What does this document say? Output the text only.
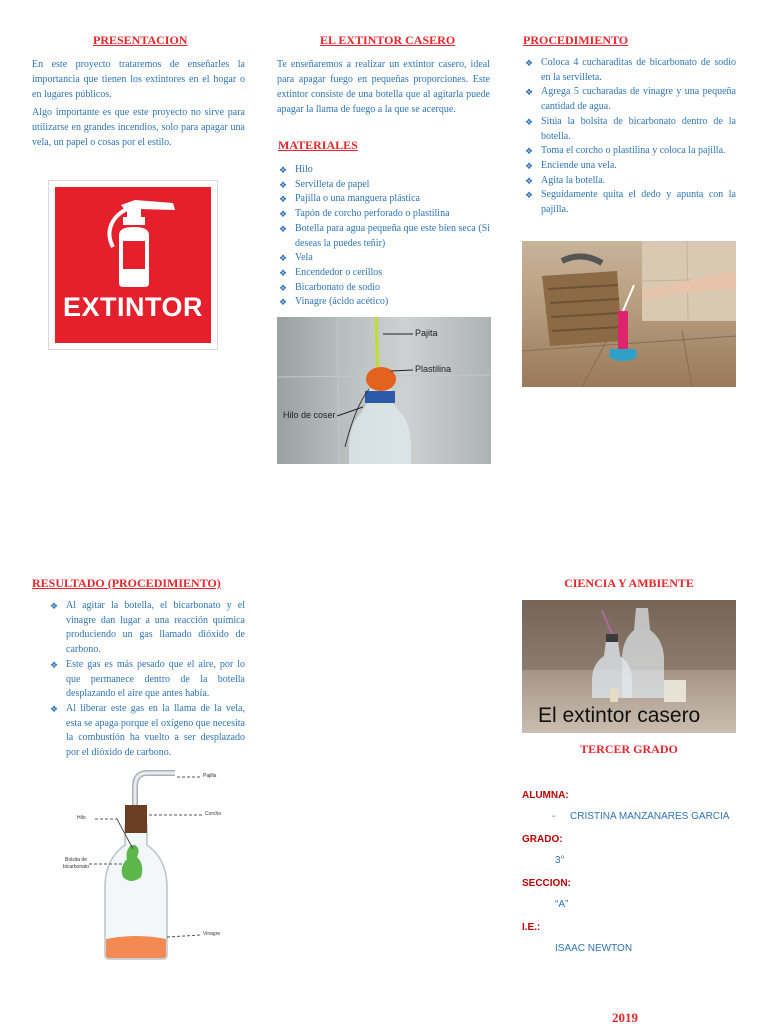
PRESENTACION
En este proyecto trataremos de enseñarles la importancia que tienen los extintores en el hogar o en lugares públicos.
Algo importante es que este proyecto no sirve para utilizarse en grandes incendios, solo para apagar una vela, un papel o cosas por el estilo.
EXTINTOR
EL EXTINTOR CASERO
Te enseñaremos a realizar un extintor casero, ideal para apagar fuego en pequeñas proporciones. Este extintor consiste de una botella que al agitarla puede apagar la llama de fuego a la que se acerque.
MATERIALES
❖ Hilo
❖ Servilleta de papel
❖ Pajilla o una manguera plástica
❖ Tapón de corcho perforado o plastilina
❖ Botella para agua pequeña que este bien seca (Si deseas la puedes teñir)
❖ Vela
❖ Encendedor o cerillos
❖ Bicarbonato de sodio
❖ Vinagre (ácido acético)
Pajita
Plastilina
Hilo de coser
PROCEDIMIENTO
❖ Coloca 4 cucharaditas de bicarbonato de sodio en la servilleta.
❖ Agrega 5 cucharadas de vinagre y una pequeña cantidad de agua.
❖ Sitúa la bolsita de bicarbonato dentro de la botella.
❖ Toma el corcho o plastilina y coloca la pajilla.
❖ Enciende una vela.
❖ Agita la botella.
❖ Seguidamente quita el dedo y apunta con la pajilla.
RESULTADO (PROCEDIMIENTO)
❖ Al agitar la botella, el bicarbonato y el vinagre dan lugar a una reacción química produciendo un gas llamado dióxido de carbono.
❖ Este gas es más pesado que el aire, por lo que permanece dentro de la botella desplazando el aire que antes había.
❖ Al liberar este gas en la llama de la vela, esta se apaga porque el oxígeno que necesita la combustión ha vuelto a ser desplazado por el dióxido de carbono.
Pajilla
Hilo
Corcho
Bolsita de bicarbonato
Vinagre
CIENCIA Y AMBIENTE
El extintor casero
TERCER GRADO
ALUMNA:
- CRISTINA MANZANARES GARCIA
GRADO:
3°
SECCION:
“A”
I.E.:
ISAAC NEWTON
2019
